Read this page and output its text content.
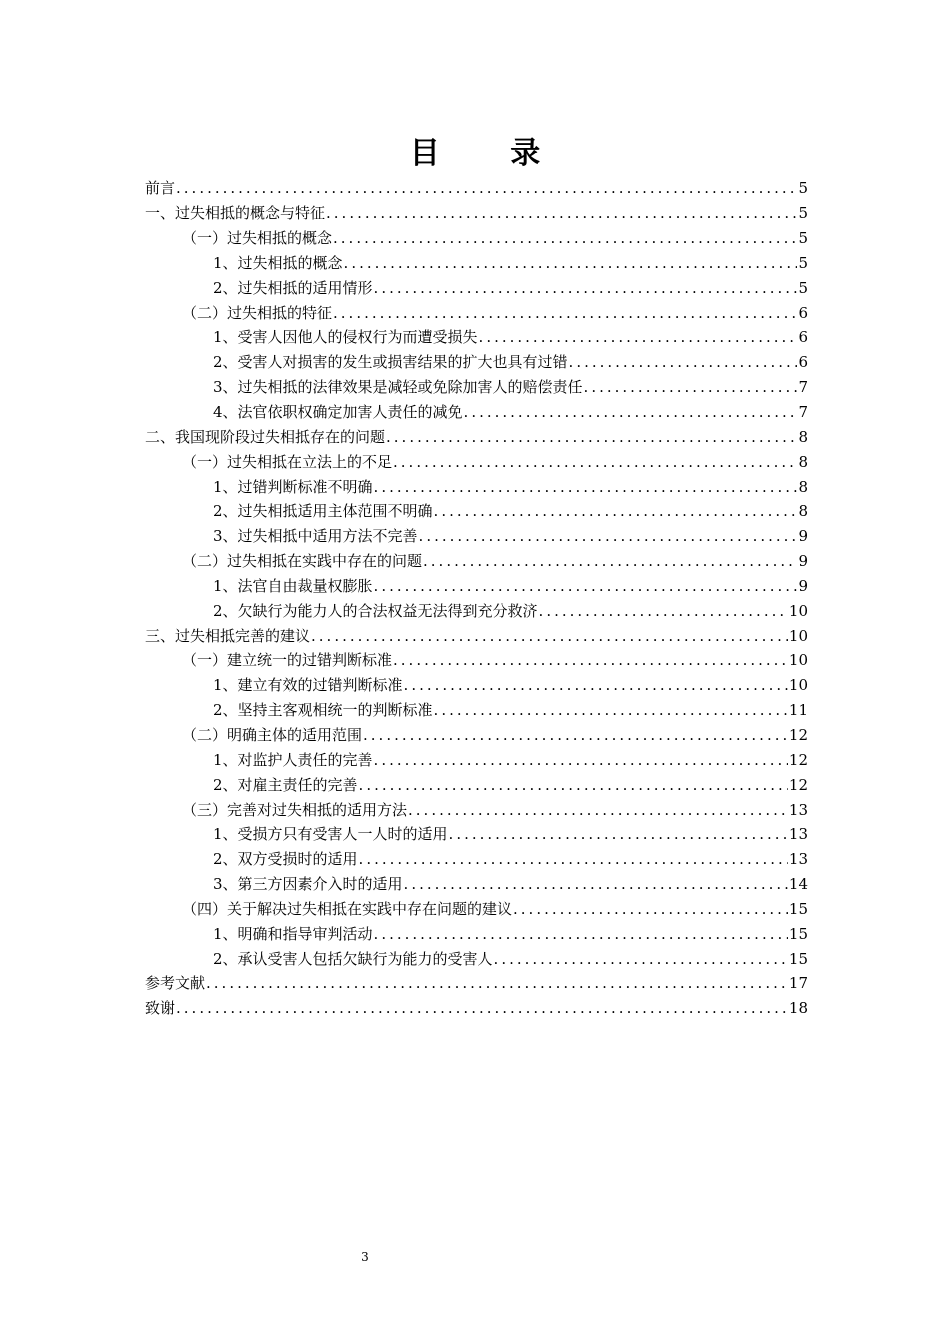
目 录
前言 .....	5
一、过失相抵的概念与特征 .....	5
（一）过失相抵的概念 .....	5
1、过失相抵的概念 .....	5
2、过失相抵的适用情形 .....	5
（二）过失相抵的特征 .....	6
1、受害人因他人的侵权行为而遭受损失 .....	6
2、受害人对损害的发生或损害结果的扩大也具有过错 .....	6
3、过失相抵的法律效果是减轻或免除加害人的赔偿责任 .....	7
4、法官依职权确定加害人责任的减免 .....	7
二、我国现阶段过失相抵存在的问题 .....	8
（一）过失相抵在立法上的不足 .....	8
1、过错判断标准不明确 .....	8
2、过失相抵适用主体范围不明确 .....	8
3、过失相抵中适用方法不完善 .....	9
（二）过失相抵在实践中存在的问题 .....	9
1、法官自由裁量权膨胀 .....	9
2、欠缺行为能力人的合法权益无法得到充分救济 .....	10
三、过失相抵完善的建议 .....	10
（一）建立统一的过错判断标准 .....	10
1、建立有效的过错判断标准 .....	10
2、坚持主客观相统一的判断标准 .....	11
（二）明确主体的适用范围 .....	12
1、对监护人责任的完善 .....	12
2、对雇主责任的完善 .....	12
（三）完善对过失相抵的适用方法 .....	13
1、受损方只有受害人一人时的适用 .....	13
2、双方受损时的适用 .....	13
3、第三方因素介入时的适用 .....	14
（四）关于解决过失相抵在实践中存在问题的建议 .....	15
1、明确和指导审判活动 .....	15
2、承认受害人包括欠缺行为能力的受害人 .....	15
参考文献 .....	17
致谢 .....	18
3
